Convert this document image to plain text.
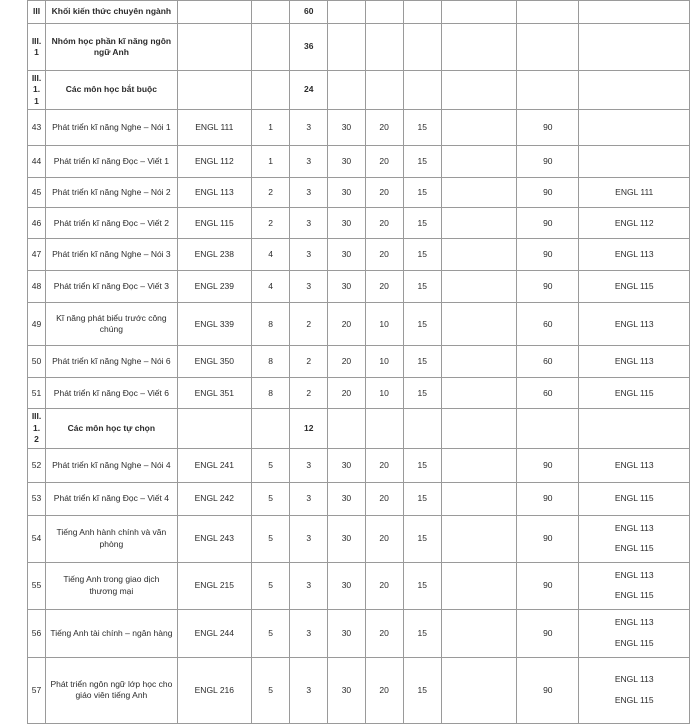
III	Khối kiến thức chuyên ngành			60						

III.1	Nhóm học phần kĩ năng ngôn ngữ Anh			36						

III.1.1	Các môn học bắt buộc			24						

43	Phát triển kĩ năng Nghe – Nói 1	ENGL 111	1	3	30	20	15		90	

44	Phát triển kĩ năng Đọc – Viết 1	ENGL 112	1	3	30	20	15		90	

45	Phát triển kĩ năng Nghe – Nói 2	ENGL 113	2	3	30	20	15		90	ENGL 111

46	Phát triển kĩ năng Đọc – Viết 2	ENGL 115	2	3	30	20	15		90	ENGL 112

47	Phát triển kĩ năng Nghe – Nói 3	ENGL 238	4	3	30	20	15		90	ENGL 113

48	Phát triển kĩ năng Đọc – Viết 3	ENGL 239	4	3	30	20	15		90	ENGL 115

49	Kĩ năng phát biểu trước công chúng	ENGL 339	8	2	20	10	15		60	ENGL 113

50	Phát triển kĩ năng Nghe – Nói 6	ENGL 350	8	2	20	10	15		60	ENGL 113

51	Phát triển kĩ năng Đọc – Viết 6	ENGL 351	8	2	20	10	15		60	ENGL 115

III.1.2	Các môn học tự chọn			12						

52	Phát triển kĩ năng Nghe – Nói 4	ENGL 241	5	3	30	20	15		90	ENGL 113

53	Phát triển kĩ năng Đọc – Viết 4	ENGL 242	5	3	30	20	15		90	ENGL 115

54	Tiếng Anh hành chính và văn phòng	ENGL 243	5	3	30	20	15		90	ENGL 113
ENGL 115

55	Tiếng Anh trong giao dịch thương mại	ENGL 215	5	3	30	20	15		90	ENGL 113
ENGL 115

56	Tiếng Anh tài chính – ngân hàng	ENGL 244	5	3	30	20	15		90	ENGL 113
ENGL 115

57	Phát triển ngôn ngữ lớp học cho giáo viên tiếng Anh	ENGL 216	5	3	30	20	15		90	ENGL 113
ENGL 115
